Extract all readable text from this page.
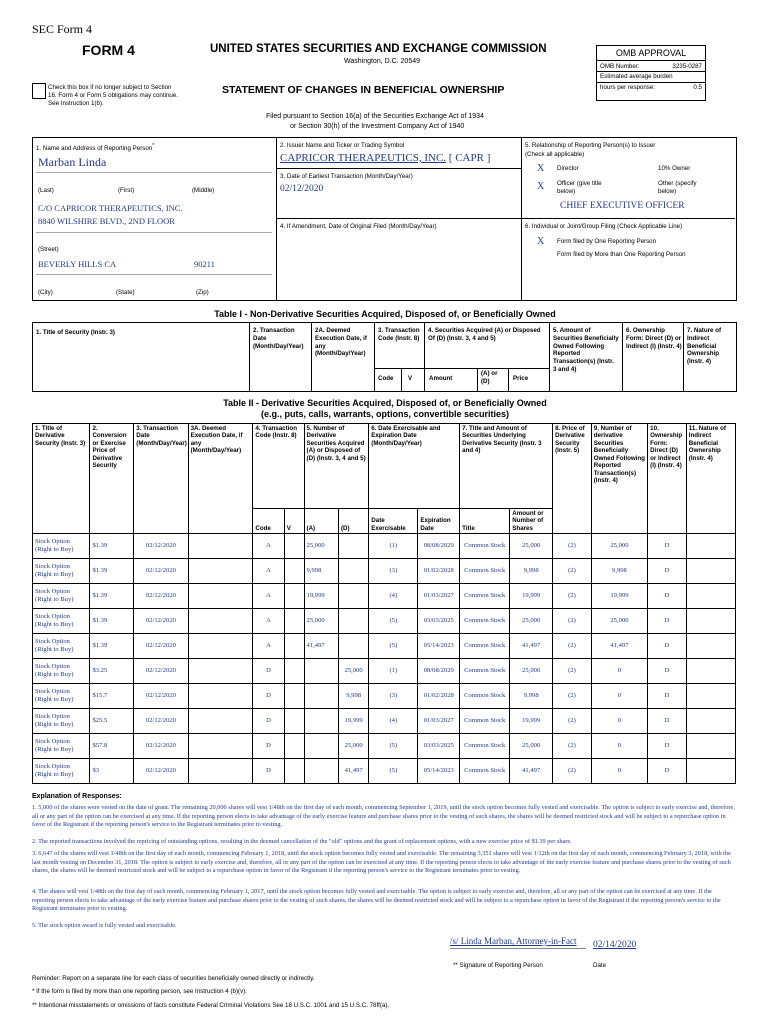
SEC Form 4
FORM 4	UNITED STATES SECURITIES AND EXCHANGE COMMISSION
Washington, D.C. 20549
Check this box if no longer subject to Section 16. Form 4 or Form 5 obligations may continue. See Instruction 1(b).
STATEMENT OF CHANGES IN BENEFICIAL OWNERSHIP
Filed pursuant to Section 16(a) of the Securities Exchange Act of 1934
or Section 30(h) of the Investment Company Act of 1940
OMB APPROVAL
OMB Number:	3235-0287
Estimated average burden
hours per response:	0.5
1. Name and Address of Reporting Person*
Marban Linda
(Last)	(First)	(Middle)
C/O CAPRICOR THERAPEUTICS, INC.
8840 WILSHIRE BLVD., 2ND FLOOR
(Street)
BEVERLY HILLS CA	90211
(City)	(State)	(Zip)
2. Issuer Name and Ticker or Trading Symbol
CAPRICOR THERAPEUTICS, INC. [ CAPR ]
3. Date of Earliest Transaction (Month/Day/Year)
02/12/2020
4. If Amendment, Date of Original Filed (Month/Day/Year)
5. Relationship of Reporting Person(s) to Issuer
(Check all applicable)
X Director	10% Owner
X Officer (give title below)
Other (specify below)
CHIEF EXECUTIVE OFFICER
6. Individual or Joint/Group Filing (Check Applicable Line)
X Form filed by One Reporting Person
Form filed by More than One Reporting Person
Table I - Non-Derivative Securities Acquired, Disposed of, or Beneficially Owned
1. Title of Security (Instr. 3)	2. Transaction Date (Month/Day/Year)
2A. Deemed Execution Date, if any (Month/Day/Year)
3. Transaction Code (Instr. 8)
4. Securities Acquired (A) or Disposed Of (D) (Instr. 3, 4 and 5)
5. Amount of Securities Beneficially Owned Following Reported Transaction(s) (Instr. 3 and 4)
6. Ownership Form: Direct (D) or Indirect (I) (Instr. 4)
7. Nature of Indirect Beneficial Ownership (Instr. 4)
Code V	Amount
(A) or (D)	Price
Table II - Derivative Securities Acquired, Disposed of, or Beneficially Owned
(e.g., puts, calls, warrants, options, convertible securities)
1. Title of Derivative Security (Instr. 3)	2. Conversion or Exercise Price of Derivative Security	3. Transaction Date (Month/Day/Year)	3A. Deemed Execution Date, if any (Month/Day/Year)	4. Transaction Code (Instr. 8)		5. Number of Derivative Securities Acquired (A) or Disposed of (D) (Instr. 3, 4 and 5)		6. Date Exercisable and Expiration Date (Month/Day/Year)		7. Title and Amount of Securities Underlying Derivative Security (Instr. 3 and 4)		8. Price of Derivative Security (Instr. 5)	9. Number of derivative Securities Beneficially Owned Following Reported Transaction(s) (Instr. 4)	10. Ownership Form: Direct (D) or Indirect (I) (Instr. 4)	11. Nature of Indirect Beneficial Ownership (Instr. 4)
				Code	V	(A)	(D)	Date Exercisable	Expiration Date	Title	Amount or Number of Shares				
Stock Option (Right to Buy)	$1.39	02/12/2020		A		25,000		(1)	08/08/2029	Common Stock	25,000	(2)	25,000	D	
Stock Option (Right to Buy)	$1.39	02/12/2020		A		9,998		(3)	01/02/2028	Common Stock	9,998	(2)	9,998	D	
Stock Option (Right to Buy)	$1.39	02/12/2020		A		19,999		(4)	01/03/2027	Common Stock	19,999	(2)	19,999	D	
Stock Option (Right to Buy)	$1.39	02/12/2020		A		25,000		(5)	03/03/2025	Common Stock	25,000	(2)	25,000	D	
Stock Option (Right to Buy)	$1.39	02/12/2020		A		41,497		(5)	05/14/2023	Common Stock	41,497	(2)	41,497	D	
Stock Option (Right to Buy)	$3.25	02/12/2020		D			25,000	(1)	08/08/2029	Common Stock	25,000	(2)	0	D	
Stock Option (Right to Buy)	$15.7	02/12/2020		D			9,998	(3)	01/02/2028	Common Stock	9,998	(2)	0	D	
Stock Option (Right to Buy)	$25.5	02/12/2020		D			19,999	(4)	01/03/2027	Common Stock	19,999	(2)	0	D	
Stock Option (Right to Buy)	$57.8	02/12/2020		D			25,000	(5)	03/03/2025	Common Stock	25,000	(2)	0	D	
Stock Option (Right to Buy)	$3	02/12/2020		D			41,497	(5)	05/14/2023	Common Stock	41,497	(2)	0	D	
Explanation of Responses:
1. 5,000 of the shares were vested on the date of grant. The remaining 20,000 shares will vest 1/48th on the first day of each month, commencing September 1, 2019, until the stock option becomes fully vested and exercisable. The option is subject to early exercise and, therefore, all or any part of the option can be exercised at any time. If the reporting person elects to take advantage of the early exercise feature and purchase shares prior to the vesting of such shares, the shares will be deemed restricted stock and will be subject to a repurchase option in favor of the Registrant if the reporting person's service to the Registrant terminates prior to vesting.
2. The reported transactions involved the repricing of outstanding options, resulting in the deemed cancellation of the "old" options and the grant of replacement options, with a new exercise price of $1.39 per share.
3. 6,647 of the shares will vest 1/48th on the first day of each month, commencing February 1, 2018, until the stock option becomes fully vested and exercisable. The remaining 3,351 shares will vest 1/12th on the first day of each month, commencing February 3, 2018, with the last month vesting on December 31, 2018. The option is subject to early exercise and, therefore, all or any part of the option can be exercised at any time. If the reporting person elects to take advantage of the early exercise feature and purchase shares prior to the vesting of such shares, the shares will be deemed restricted stock and will be subject to a repurchase option in favor of the Registrant if the reporting person's service to the Registrant terminates prior to vesting.
4. The shares will vest 1/48th on the first day of each month, commencing February 1, 2017, until the stock option becomes fully vested and exercisable. The option is subject to early exercise and, therefore, all or any part of the option can be exercised at any time. If the reporting person elects to take advantage of the early exercise feature and purchase shares prior to the vesting of such shares, the shares will be deemed restricted stock and will be subject to a repurchase option in favor of the Registrant if the reporting person's service to the Registrant terminates prior to vesting.
5. The stock option award is fully vested and exercisable.
/s/ Linda Marban, Attorney-in-Fact	02/14/2020
** Signature of Reporting Person	Date
Reminder: Report on a separate line for each class of securities beneficially owned directly or indirectly.
* If the form is filed by more than one reporting person, see Instruction 4 (b)(v).
** Intentional misstatements or omissions of facts constitute Federal Criminal Violations See 18 U.S.C. 1001 and 15 U.S.C. 78ff(a).
